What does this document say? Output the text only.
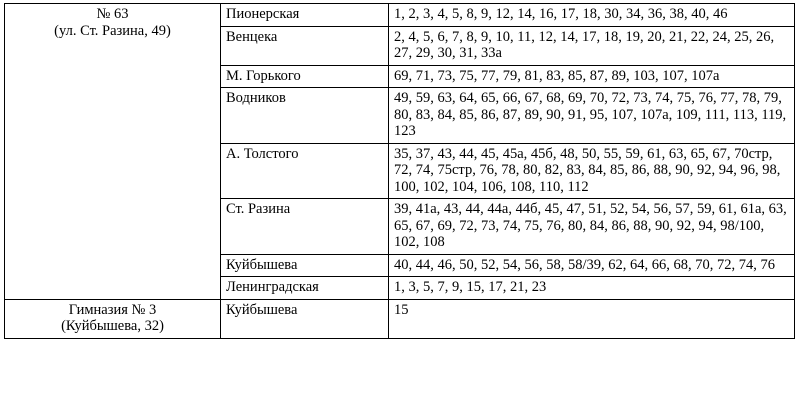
№ 63
(ул. Ст. Разина, 49)	Пионерская	1, 2, 3, 4, 5, 8, 9, 12, 14, 16, 17, 18, 30, 34, 36, 38, 40, 46
	Венцека	2, 4, 5, 6, 7, 8, 9, 10, 11, 12, 14, 17, 18, 19, 20, 21, 22, 24, 25, 26, 27, 29, 30, 31, 33а
	М. Горького	69, 71, 73, 75, 77, 79, 81, 83, 85, 87, 89, 103, 107, 107а
	Водников	49, 59, 63, 64, 65, 66, 67, 68, 69, 70, 72, 73, 74, 75, 76, 77, 78, 79, 80, 83, 84, 85, 86, 87, 89, 90, 91, 95, 107, 107а, 109, 111, 113, 119, 123
	А. Толстого	35, 37, 43, 44, 45, 45а, 45б, 48, 50, 55, 59, 61, 63, 65, 67, 70стр, 72, 74, 75стр, 76, 78, 80, 82, 83, 84, 85, 86, 88, 90, 92, 94, 96, 98, 100, 102, 104, 106, 108, 110, 112
	Ст. Разина	39, 41а, 43, 44, 44а, 44б, 45, 47, 51, 52, 54, 56, 57, 59, 61, 61а, 63, 65, 67, 69, 72, 73, 74, 75, 76, 80, 84, 86, 88, 90, 92, 94, 98/100, 102, 108
	Куйбышева	40, 44, 46, 50, 52, 54, 56, 58, 58/39, 62, 64, 66, 68, 70, 72, 74, 76
	Ленинградская	1, 3, 5, 7, 9, 15, 17, 21, 23

Гимназия № 3
(Куйбышева, 32)	Куйбышева	15
